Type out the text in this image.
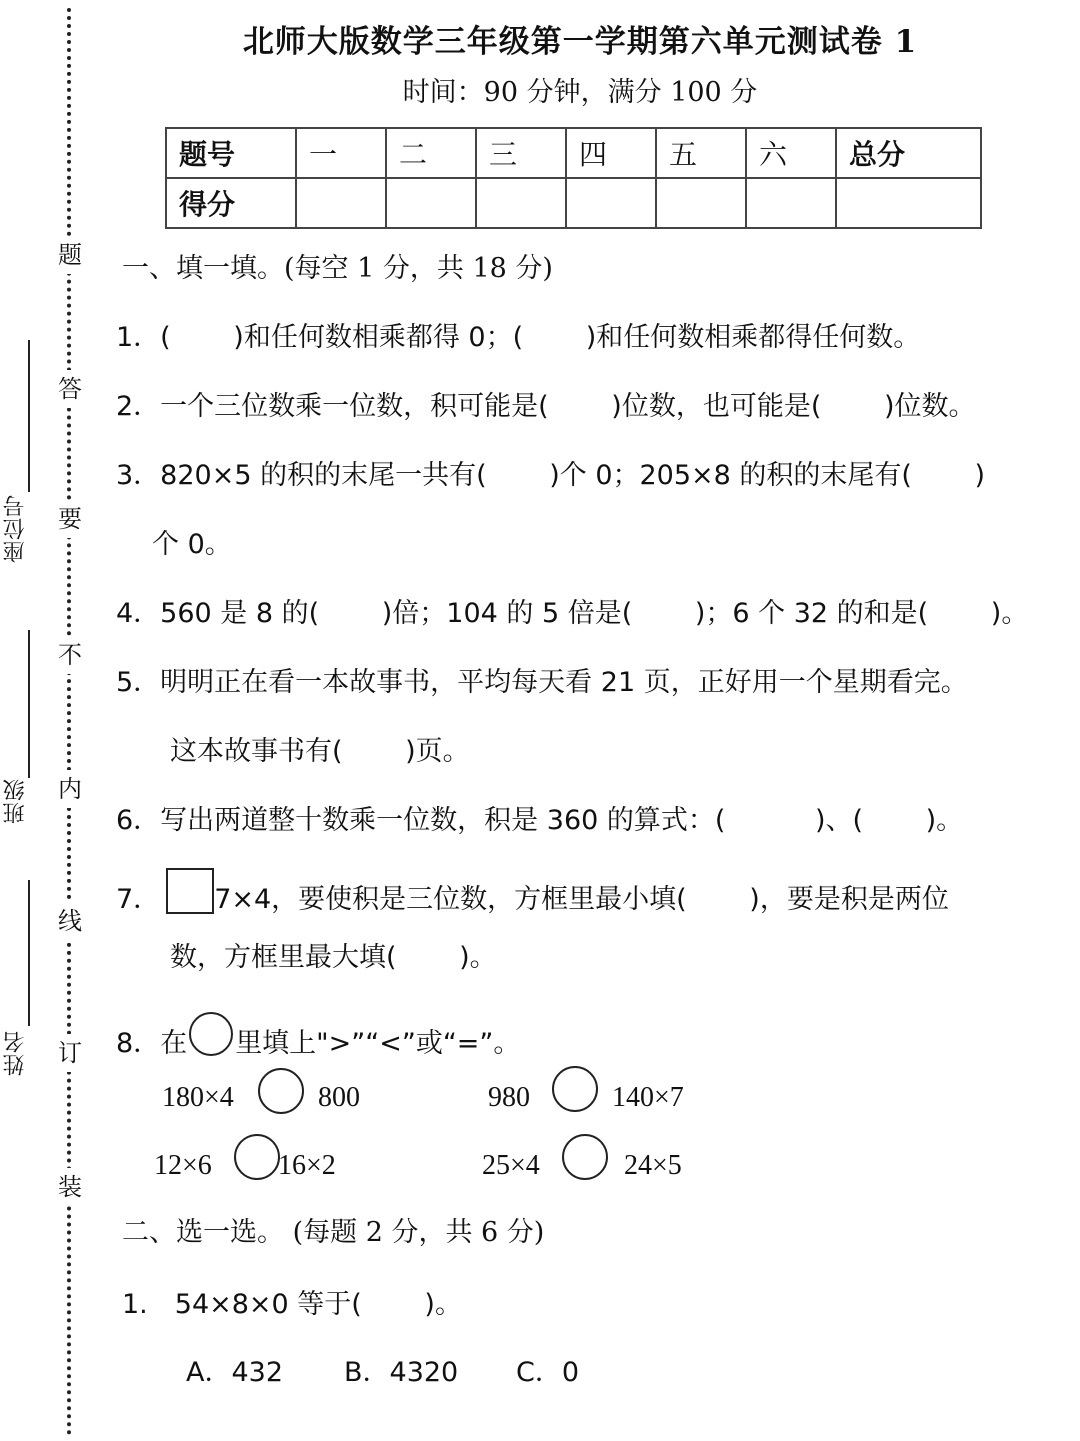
题
答
要
不
内
线
订
装
座位号
班级
姓名
北师大版数学三年级第一学期第六单元测试卷 1
时间：90 分钟，满分 100 分
题号	一	二	三	四	五	六	总分
得分							
一、填一填。(每空 1 分，共 18 分)
1．(　　 )和任何数相乘都得 0；(　　 )和任何数相乘都得任何数。
2．一个三位数乘一位数，积可能是(　　 )位数，也可能是(　　 )位数。
3．820×5 的积的末尾一共有(　　 )个 0；205×8 的积的末尾有(　　 )
个 0。
4．560 是 8 的(　　 )倍；104 的 5 倍是(　　 )；6 个 32 的和是(　　 )。
5．明明正在看一本故事书，平均每天看 21 页，正好用一个星期看完。
这本故事书有(　　 )页。
6．写出两道整十数乘一位数，积是 360 的算式：(　　　 )、(　　 )。
7． 7×4，要使积是三位数，方框里最小填(　　 )，要是积是两位
数，方框里最大填(　　 )。
8．在 里填上">”“<”或“=”。
180×4	800	980	140×7
12×6 16×2	25×4	24×5
二、选一选。 (每题 2 分，共 6 分)
1.　54×8×0 等于(　　 )。
A．432 B．4320 C．0
